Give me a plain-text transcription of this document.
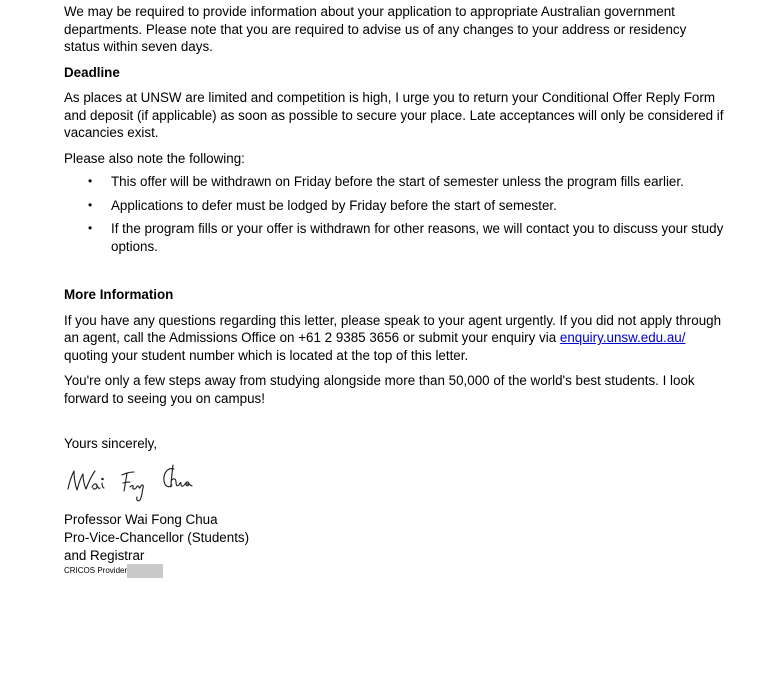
We may be required to provide information about your application to appropriate Australian government departments. Please note that you are required to advise us of any changes to your address or residency status within seven days.

Deadline

As places at UNSW are limited and competition is high, I urge you to return your Conditional Offer Reply Form and deposit (if applicable) as soon as possible to secure your place. Late acceptances will only be considered if vacancies exist.

Please also note the following:

• This offer will be withdrawn on Friday before the start of semester unless the program fills earlier.
• Applications to defer must be lodged by Friday before the start of semester.
• If the program fills or your offer is withdrawn for other reasons, we will contact you to discuss your study options.

More Information

If you have any questions regarding this letter, please speak to your agent urgently. If you did not apply through an agent, call the Admissions Office on +61 2 9385 3656 or submit your enquiry via enquiry.unsw.edu.au/ quoting your student number which is located at the top of this letter.

You're only a few steps away from studying alongside more than 50,000 of the world's best students. I look forward to seeing you on campus!

Yours sincerely,

Professor Wai Fong Chua

Pro-Vice-Chancellor (Students)

and Registrar

CRICOS Provider
